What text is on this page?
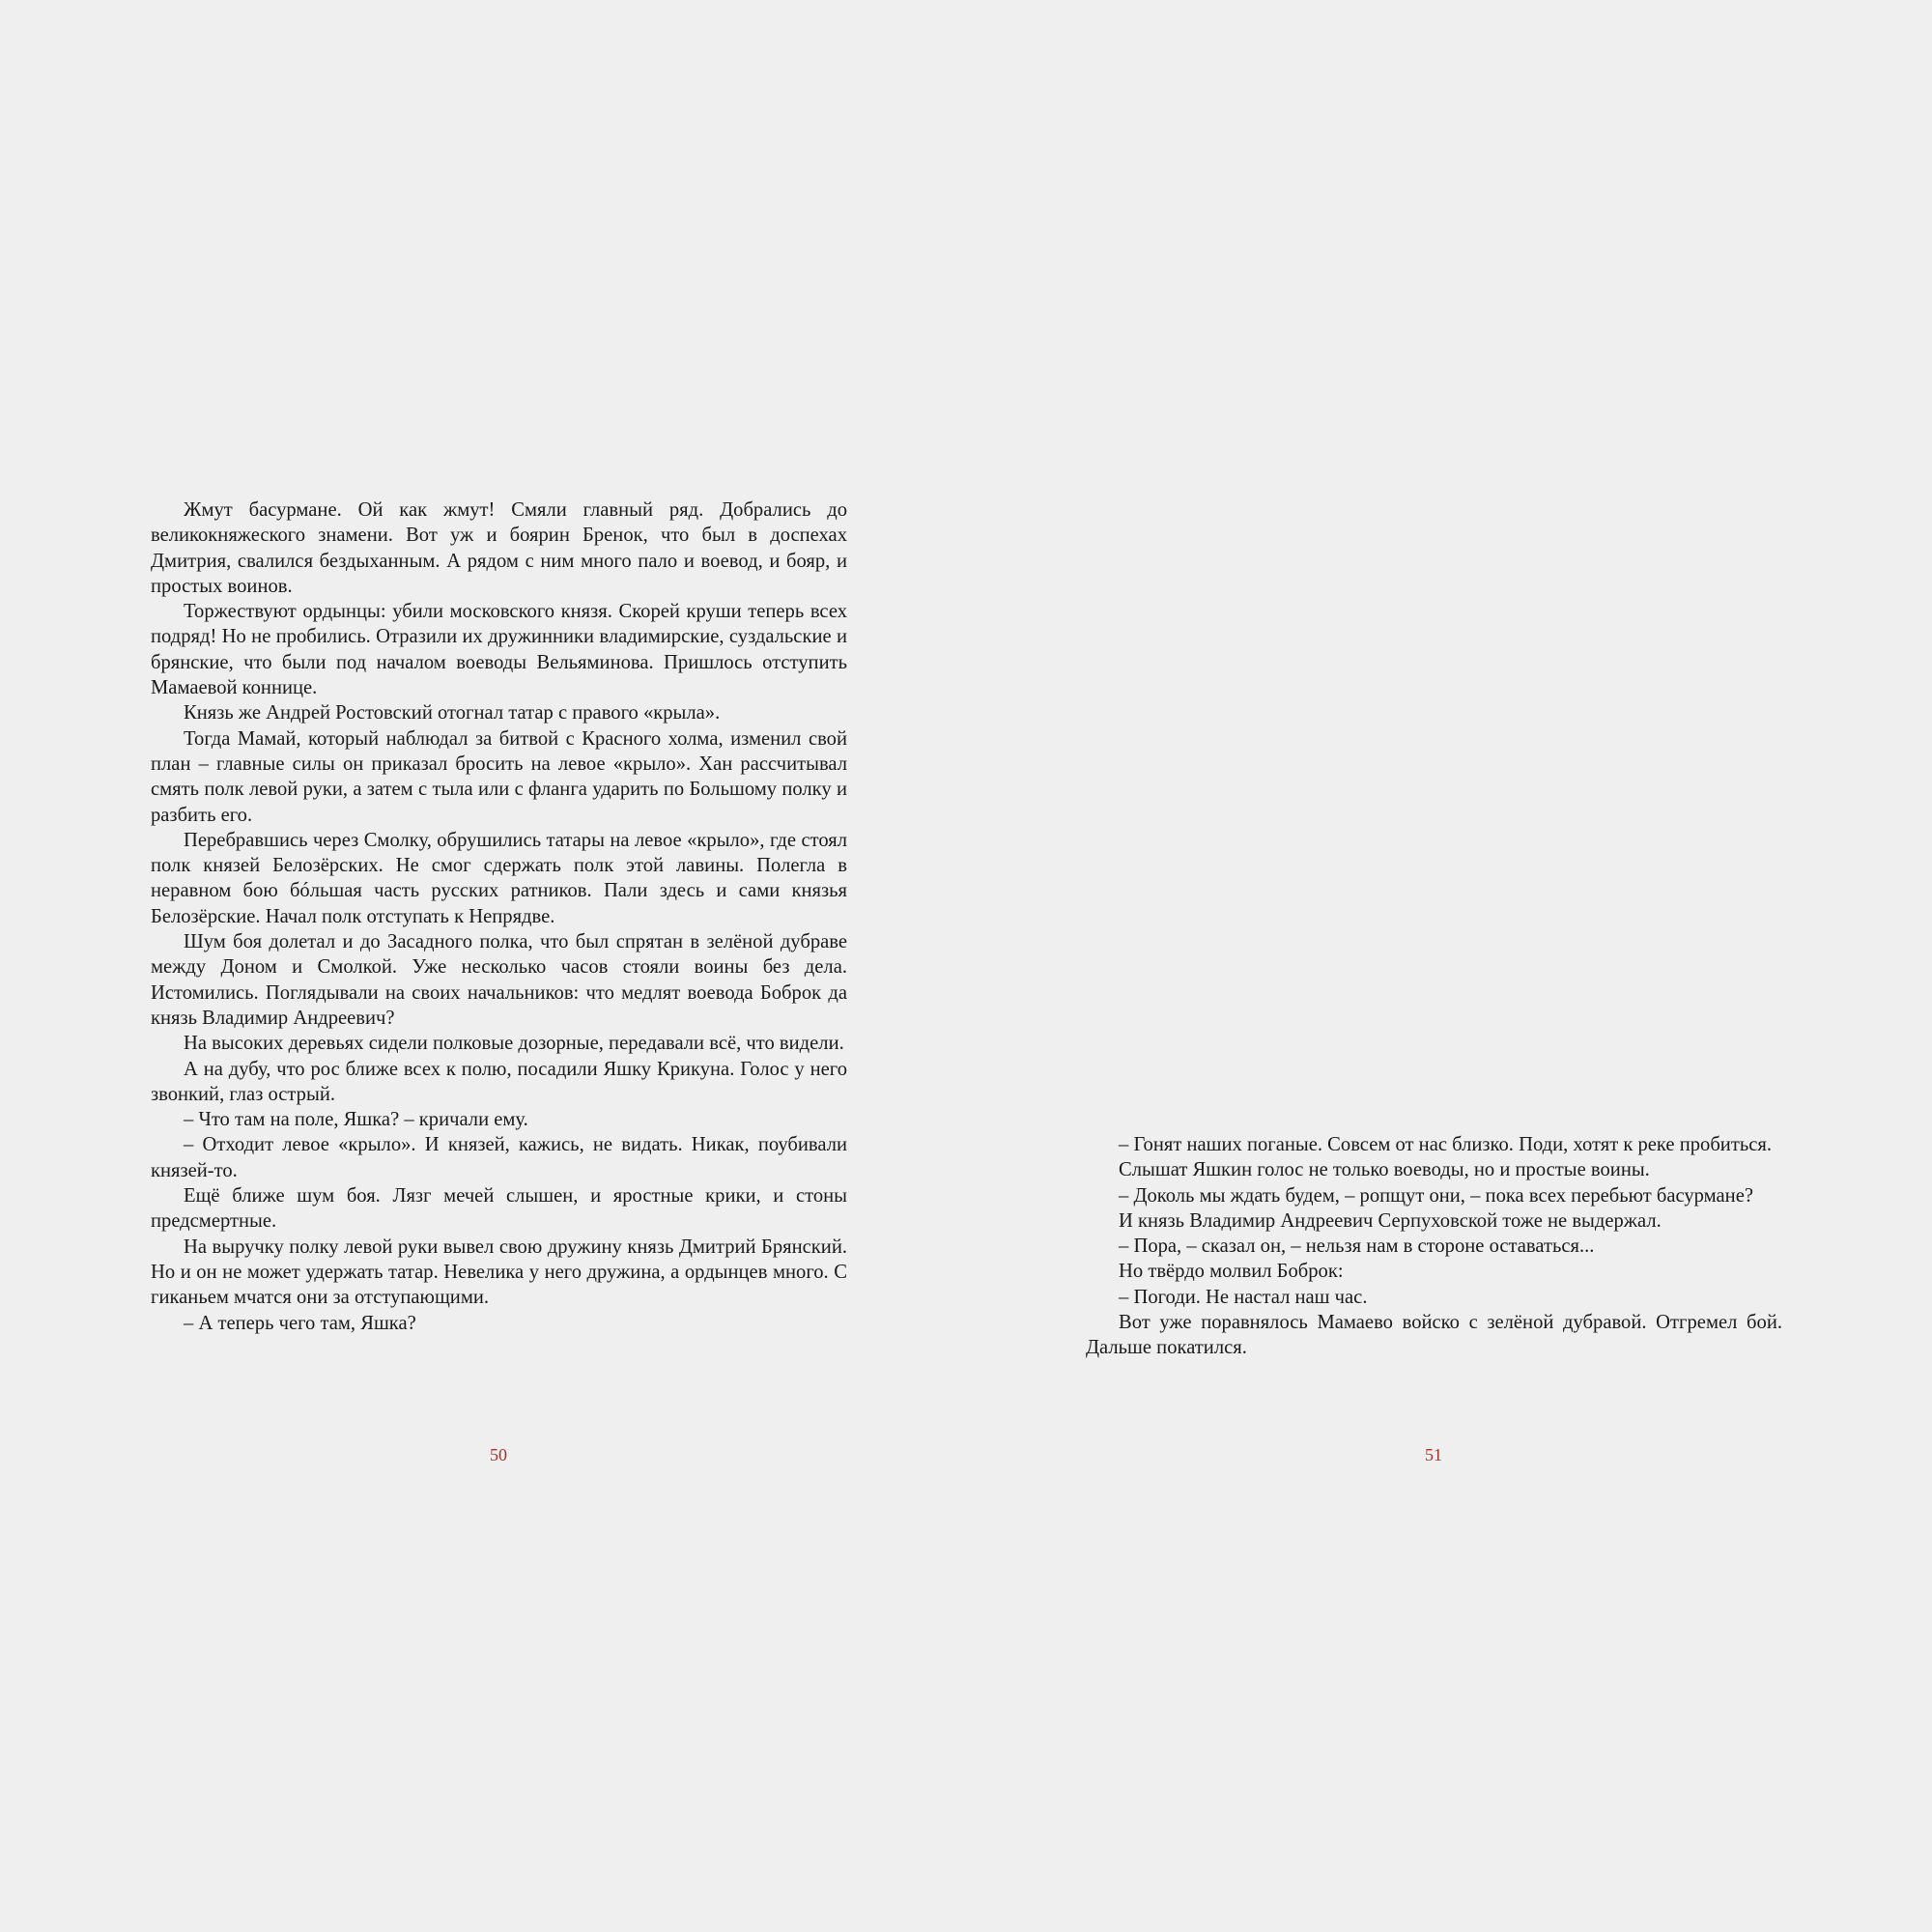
Жмут басурмане. Ой как жмут! Смяли главный ряд. Добрались до великокняжеского знамени. Вот уж и боярин Бренок, что был в доспехах Дмитрия, свалился бездыханным. А рядом с ним много пало и воевод, и бояр, и простых воинов.

Торжествуют ордынцы: убили московского князя. Скорей круши теперь всех подряд! Но не пробились. Отразили их дружинники владимирские, суздальские и брянские, что были под началом воеводы Вельяминова. Пришлось отступить Мамаевой коннице.

Князь же Андрей Ростовский отогнал татар с правого «крыла».

Тогда Мамай, который наблюдал за битвой с Красного холма, изменил свой план – главные силы он приказал бросить на левое «крыло». Хан рассчитывал смять полк левой руки, а затем с тыла или с фланга ударить по Большому полку и разбить его.

Перебравшись через Смолку, обрушились татары на левое «крыло», где стоял полк князей Белозёрских. Не смог сдержать полк этой лавины. Полегла в неравном бою бóльшая часть русских ратников. Пали здесь и сами князья Белозёрские. Начал полк отступать к Непрядве.

Шум боя долетал и до Засадного полка, что был спрятан в зелёной дубраве между Доном и Смолкой. Уже несколько часов стояли воины без дела. Истомились. Поглядывали на своих начальников: что медлят воевода Боброк да князь Владимир Андреевич?

На высоких деревьях сидели полковые дозорные, передавали всё, что видели.

А на дубу, что рос ближе всех к полю, посадили Яшку Крикуна. Голос у него звонкий, глаз острый.

– Что там на поле, Яшка? – кричали ему.

– Отходит левое «крыло». И князей, кажись, не видать. Никак, поубивали князей-то.

Ещё ближе шум боя. Лязг мечей слышен, и яростные крики, и стоны предсмертные.

На выручку полку левой руки вывел свою дружину князь Дмитрий Брянский. Но и он не может удержать татар. Невелика у него дружина, а ордынцев много. С гиканьем мчатся они за отступающими.

– А теперь чего там, Яшка?

50

– Гонят наших поганые. Совсем от нас близко. Поди, хотят к реке пробиться.

Слышат Яшкин голос не только воеводы, но и простые воины.

– Доколь мы ждать будем, – ропщут они, – пока всех перебьют басурмане?

И князь Владимир Андреевич Серпуховской тоже не выдержал.

– Пора, – сказал он, – нельзя нам в стороне оставаться...

Но твёрдо молвил Боброк:

– Погоди. Не настал наш час.

Вот уже поравнялось Мамаево войско с зелёной дубравой. Отгремел бой. Дальше покатился.

51
